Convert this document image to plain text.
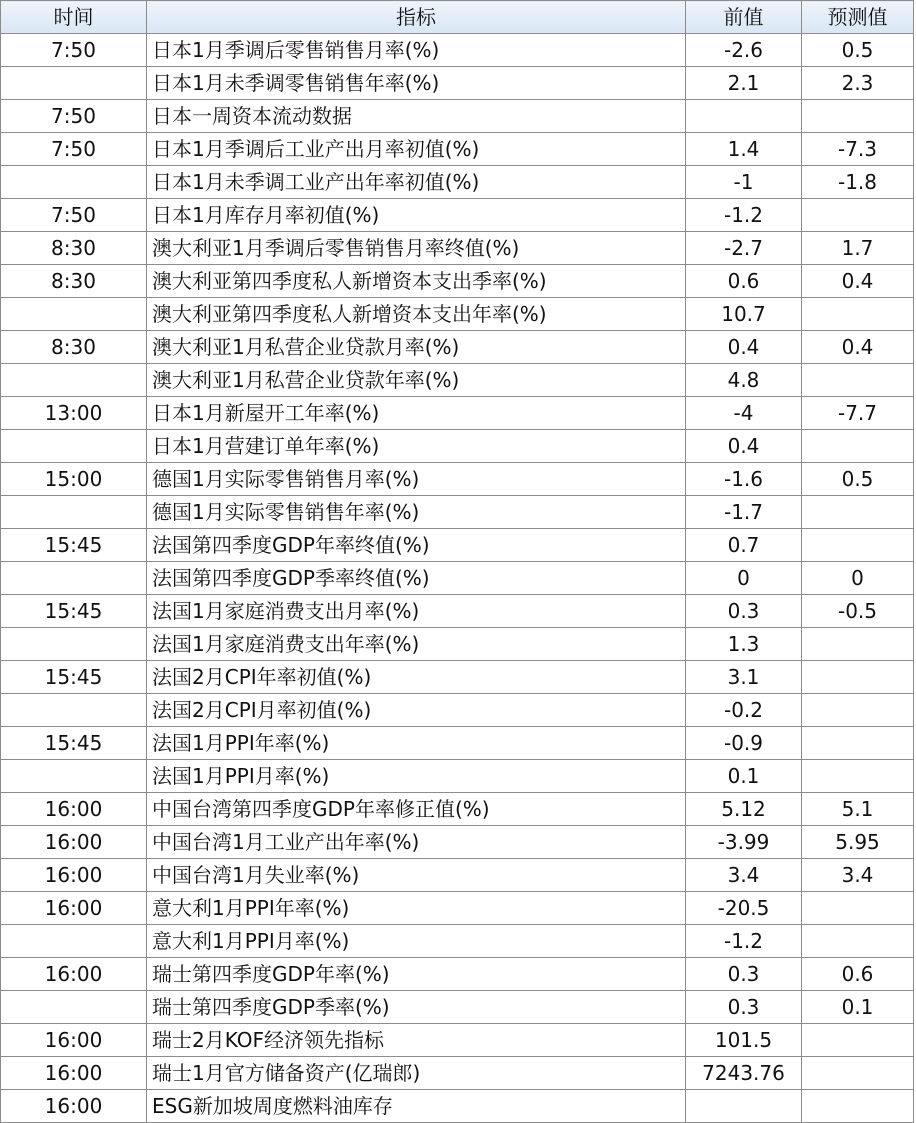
时间	指标	前值	预测值
7:50	日本1月季调后零售销售月率(%)	-2.6	0.5
	日本1月未季调零售销售年率(%)	2.1	2.3
7:50	日本一周资本流动数据		
7:50	日本1月季调后工业产出月率初值(%)	1.4	-7.3
	日本1月未季调工业产出年率初值(%)	-1	-1.8
7:50	日本1月库存月率初值(%)	-1.2	
8:30	澳大利亚1月季调后零售销售月率终值(%)	-2.7	1.7
8:30	澳大利亚第四季度私人新增资本支出季率(%)	0.6	0.4
	澳大利亚第四季度私人新增资本支出年率(%)	10.7	
8:30	澳大利亚1月私营企业贷款月率(%)	0.4	0.4
	澳大利亚1月私营企业贷款年率(%)	4.8	
13:00	日本1月新屋开工年率(%)	-4	-7.7
	日本1月营建订单年率(%)	0.4	
15:00	德国1月实际零售销售月率(%)	-1.6	0.5
	德国1月实际零售销售年率(%)	-1.7	
15:45	法国第四季度GDP年率终值(%)	0.7	
	法国第四季度GDP季率终值(%)	0	0
15:45	法国1月家庭消费支出月率(%)	0.3	-0.5
	法国1月家庭消费支出年率(%)	1.3	
15:45	法国2月CPI年率初值(%)	3.1	
	法国2月CPI月率初值(%)	-0.2	
15:45	法国1月PPI年率(%)	-0.9	
	法国1月PPI月率(%)	0.1	
16:00	中国台湾第四季度GDP年率修正值(%)	5.12	5.1
16:00	中国台湾1月工业产出年率(%)	-3.99	5.95
16:00	中国台湾1月失业率(%)	3.4	3.4
16:00	意大利1月PPI年率(%)	-20.5	
	意大利1月PPI月率(%)	-1.2	
16:00	瑞士第四季度GDP年率(%)	0.3	0.6
	瑞士第四季度GDP季率(%)	0.3	0.1
16:00	瑞士2月KOF经济领先指标	101.5	
16:00	瑞士1月官方储备资产(亿瑞郎)	7243.76	
16:00	ESG新加坡周度燃料油库存		
